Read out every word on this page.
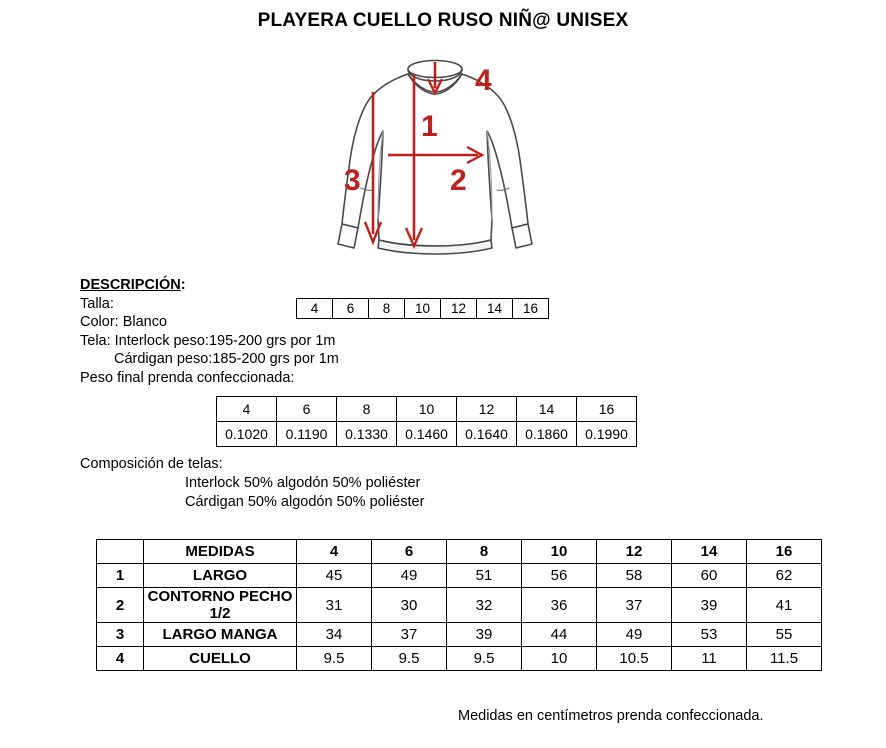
PLAYERA CUELLO RUSO NIÑ@ UNISEX
1
2
3
4
DESCRIPCIÓN:
Talla:
Color: Blanco
Tela: Interlock peso:195-200 grs por 1m
Cárdigan peso:185-200 grs por 1m
Peso final prenda confeccionada:
4	6	8	10	12	14	16
4	6	8	10	12	14	16
0.1020	0.1190	0.1330	0.1460	0.1640	0.1860	0.1990
Composición de telas:
Interlock 50% algodón 50% poliéster
Cárdigan 50% algodón 50% poliéster
	MEDIDAS	4	6	8	10	12	14	16
1	LARGO	45	49	51	56	58	60	62
2	CONTORNO PECHO 1/2	31	30	32	36	37	39	41
3	LARGO MANGA	34	37	39	44	49	53	55
4	CUELLO	9.5	9.5	9.5	10	10.5	11	11.5
Medidas en centímetros prenda confeccionada.
